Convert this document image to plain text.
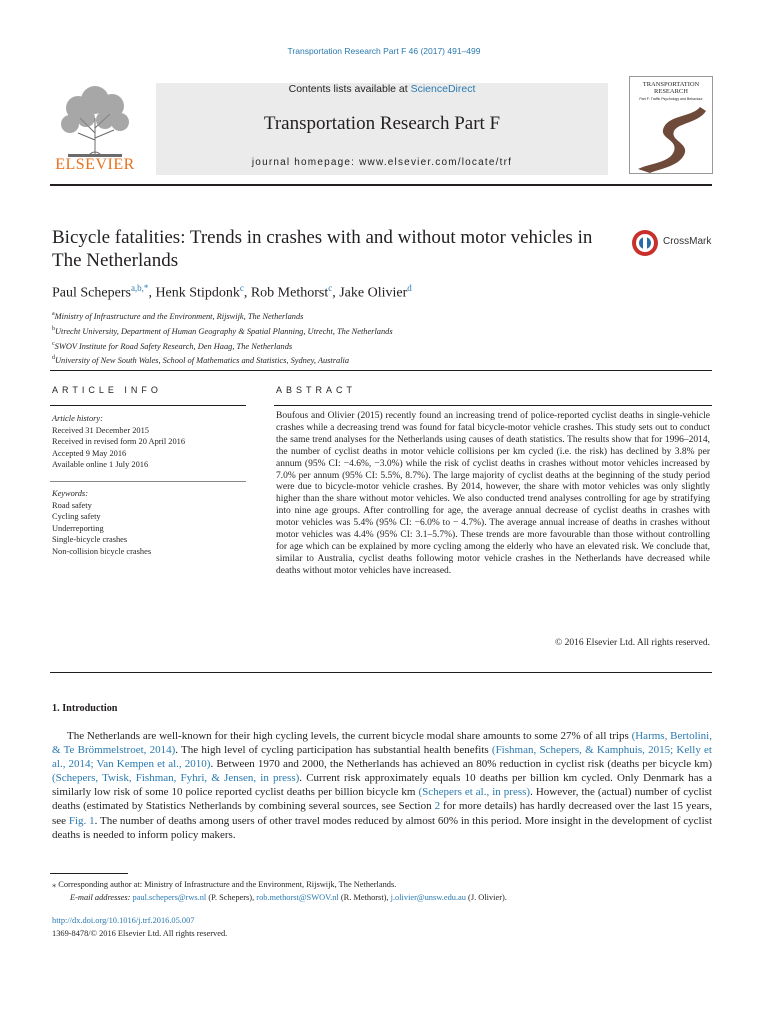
Transportation Research Part F 46 (2017) 491–499
ELSEVIER
Contents lists available at ScienceDirect
Transportation Research Part F
journal homepage: www.elsevier.com/locate/trf
TRANSPORTATION RESEARCH
Part F: Traffic Psychology and Behaviour
Bicycle fatalities: Trends in crashes with and without motor vehicles in The Netherlands
CrossMark
Paul Schepers$^{a,b,*}$, Henk Stipdonk$^c$, Rob Methorst$^c$, Jake Olivier$^d$
$^a$Ministry of Infrastructure and the Environment, Rijswijk, The Netherlands
$^b$Utrecht University, Department of Human Geography & Spatial Planning, Utrecht, The Netherlands
$^c$SWOV Institute for Road Safety Research, Den Haag, The Netherlands
$^d$University of New South Wales, School of Mathematics and Statistics, Sydney, Australia
ARTICLE INFO
Article history:
Received 31 December 2015
Received in revised form 20 April 2016
Accepted 9 May 2016
Available online 1 July 2016
Keywords:
Road safety
Cycling safety
Underreporting
Single-bicycle crashes
Non-collision bicycle crashes
ABSTRACT
Boufous and Olivier (2015) recently found an increasing trend of police-reported cyclist deaths in single-vehicle crashes while a decreasing trend was found for fatal bicycle-motor vehicle crashes. This study sets out to conduct the same trend analyses for the Netherlands using causes of death statistics. The results show that for 1996–2014, the number of cyclist deaths in motor vehicle collisions per km cycled (i.e. the risk) has declined by 3.8% per annum (95% CI: −4.6%, −3.0%) while the risk of cyclist deaths in crashes without motor vehicles increased by 7.0% per annum (95% CI: 5.5%, 8.7%). The large majority of cyclist deaths at the beginning of the study period were due to bicycle-motor vehicle crashes. By 2014, however, the share with motor vehicles was only slightly higher than the share without motor vehicles. We also conducted trend analyses controlling for age by stratifying into nine age groups. After controlling for age, the average annual decrease of cyclist deaths in crashes with motor vehicles was 5.4% (95% CI: −6.0% to − 4.7%). The average annual increase of deaths in crashes without motor vehicles was 4.4% (95% CI: 3.1–5.7%). These trends are more favourable than those without controlling for age which can be explained by more cycling among the elderly who have an elevated risk. We conclude that, similar to Australia, cyclist deaths following motor vehicle crashes in the Netherlands have decreased while deaths without motor vehicles have increased.
© 2016 Elsevier Ltd. All rights reserved.
1. Introduction
The Netherlands are well-known for their high cycling levels, the current bicycle modal share amounts to some 27% of all trips (Harms, Bertolini, & Te Brömmelstroet, 2014). The high level of cycling participation has substantial health benefits (Fishman, Schepers, & Kamphuis, 2015; Kelly et al., 2014; Van Kempen et al., 2010). Between 1970 and 2000, the Netherlands has achieved an 80% reduction in cyclist risk (deaths per bicycle km) (Schepers, Twisk, Fishman, Fyhri, & Jensen, in press). Current risk approximately equals 10 deaths per billion km cycled. Only Denmark has a similarly low risk of some 10 police reported cyclist deaths per billion bicycle km (Schepers et al., in press). However, the (actual) number of cyclist deaths (estimated by Statistics Netherlands by combining several sources, see Section 2 for more details) has hardly decreased over the last 15 years, see Fig. 1. The number of deaths among users of other travel modes reduced by almost 60% in this period. More insight in the development of cyclist deaths is needed to inform policy makers.
⁎ Corresponding author at: Ministry of Infrastructure and the Environment, Rijswijk, The Netherlands.
E-mail addresses: paul.schepers@rws.nl (P. Schepers), rob.methorst@SWOV.nl (R. Methorst), j.olivier@unsw.edu.au (J. Olivier).
http://dx.doi.org/10.1016/j.trf.2016.05.007
1369-8478/© 2016 Elsevier Ltd. All rights reserved.
